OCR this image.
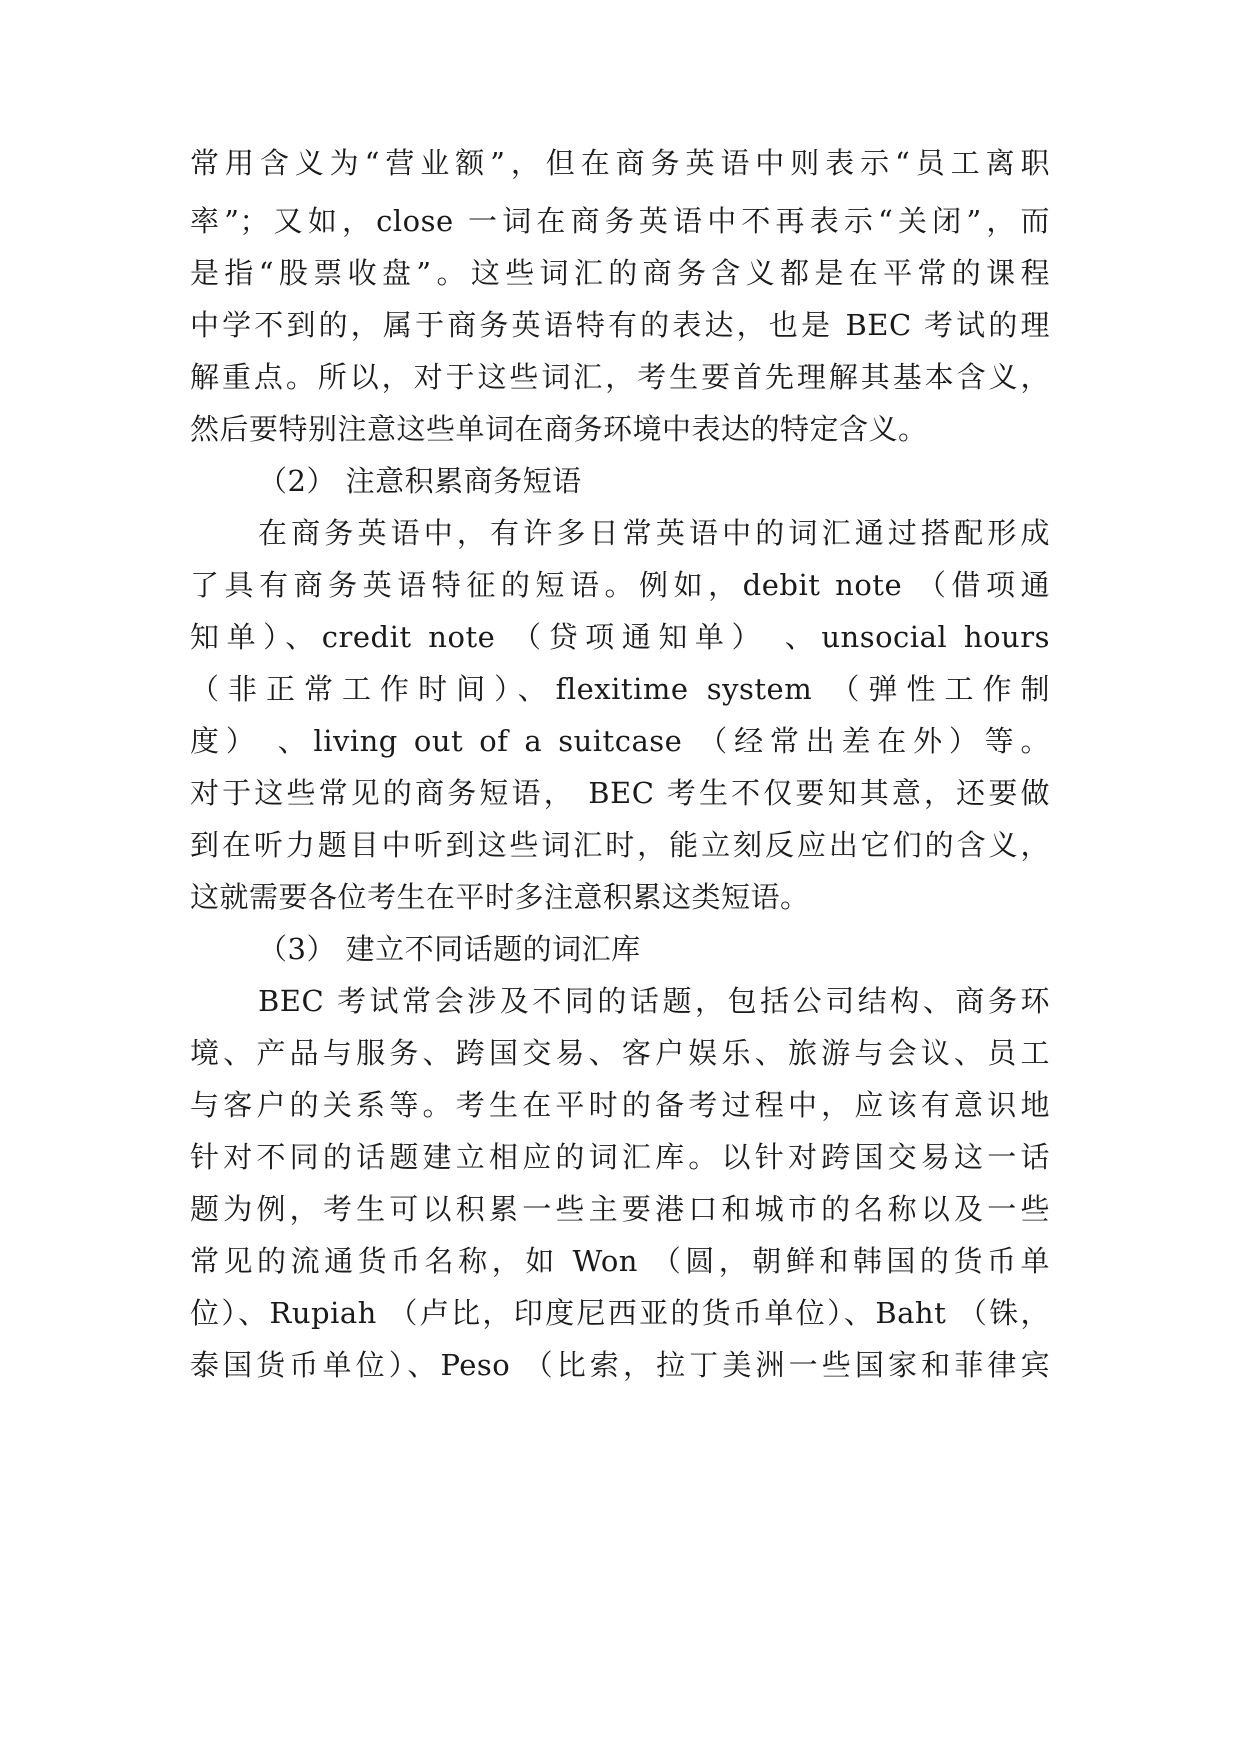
常用含义为“营业额”，但在商务英语中则表示“员工离职
率”；又如，close 一词在商务英语中不再表示“关闭”，而
是指“股票收盘”。这些词汇的商务含义都是在平常的课程
中学不到的，属于商务英语特有的表达，也是 BEC 考试的理
解重点。所以，对于这些词汇，考生要首先理解其基本含义，
然后要特别注意这些单词在商务环境中表达的特定含义。
（2） 注意积累商务短语
在商务英语中，有许多日常英语中的词汇通过搭配形成
了具有商务英语特征的短语。例如，debit note （借项通
知单）、credit note （贷项通知单） 、unsocial hours
（非正常工作时间）、flexitime system （弹性工作制
度） 、living out of a suitcase （经常出差在外）等。
对于这些常见的商务短语， BEC 考生不仅要知其意，还要做
到在听力题目中听到这些词汇时，能立刻反应出它们的含义，
这就需要各位考生在平时多注意积累这类短语。
（3） 建立不同话题的词汇库
BEC 考试常会涉及不同的话题，包括公司结构、商务环
境、产品与服务、跨国交易、客户娱乐、旅游与会议、员工
与客户的关系等。考生在平时的备考过程中，应该有意识地
针对不同的话题建立相应的词汇库。以针对跨国交易这一话
题为例，考生可以积累一些主要港口和城市的名称以及一些
常见的流通货币名称，如 Won （圆，朝鲜和韩国的货币单
位）、Rupiah （卢比，印度尼西亚的货币单位）、Baht （铢，
泰国货币单位）、Peso （比索，拉丁美洲一些国家和菲律宾
